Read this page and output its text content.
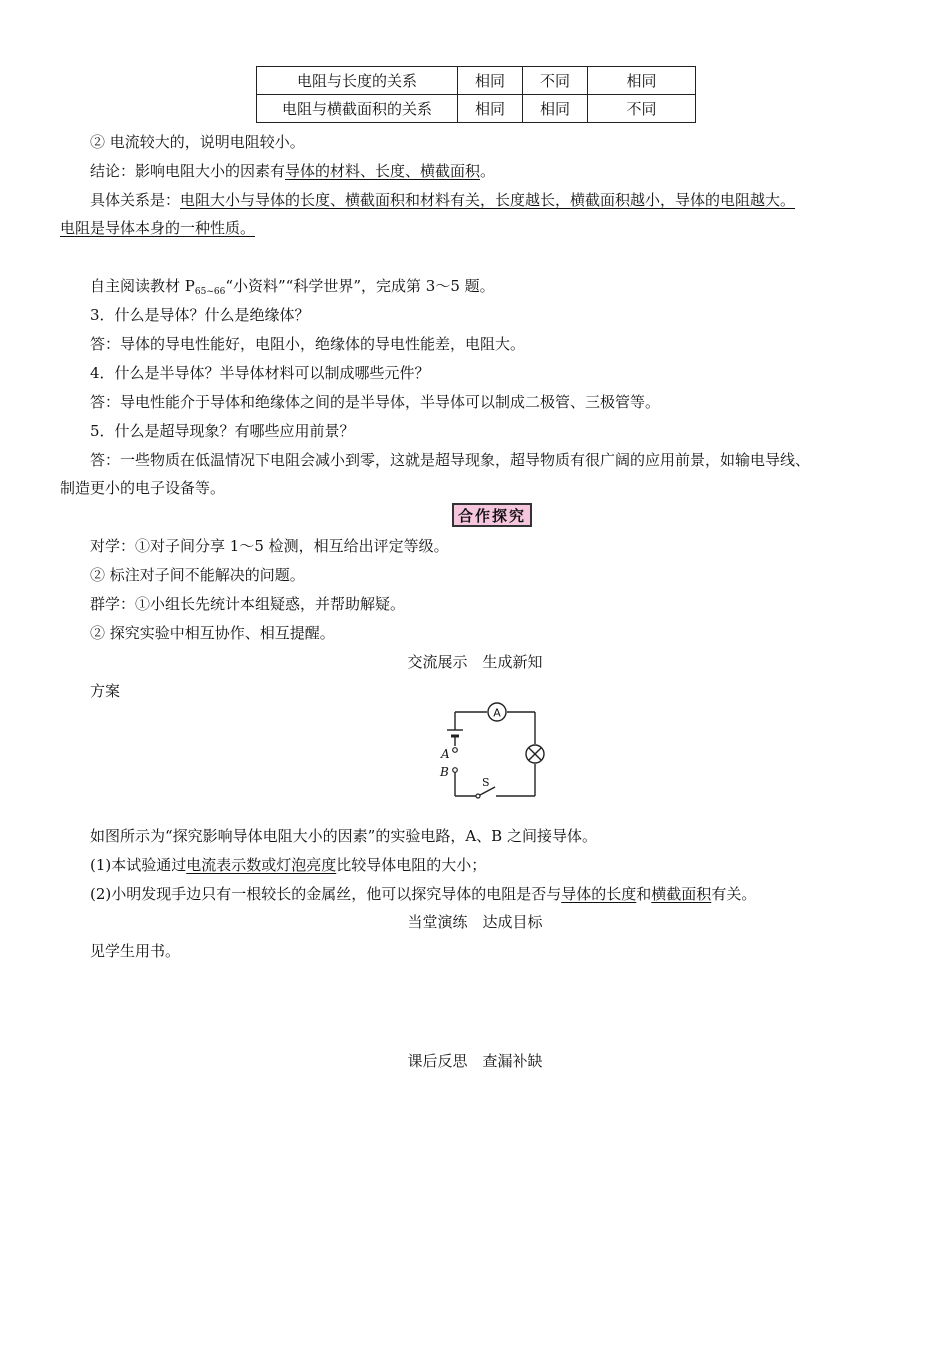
电阻与长度的关系	相同	不同	相同
电阻与横截面积的关系	相同	相同	不同
② 电流较大的，说明电阻较小。
结论：影响电阻大小的因素有导体的材料、长度、横截面积。
具体关系是：电阻大小与导体的长度、横截面积和材料有关，长度越长，横截面积越小，导体的电阻越大。
电阻是导体本身的一种性质。
自主阅读教材 $P_{65\sim 66}“$小资料”“科学世界”，完成第 3～5 题。
3．什么是导体？什么是绝缘体？
答：导体的导电性能好，电阻小，绝缘体的导电性能差，电阻大。
4．什么是半导体？半导体材料可以制成哪些元件？
答：导电性能介于导体和绝缘体之间的是半导体，半导体可以制成二极管、三极管等。
5．什么是超导现象？有哪些应用前景？
答：一些物质在低温情况下电阻会减小到零，这就是超导现象，超导物质有很广阔的应用前景，如输电导线、
制造更小的电子设备等。
合作探究
对学：①对子间分享 1～5 检测，相互给出评定等级。
② 标注对子间不能解决的问题。
群学：①小组长先统计本组疑惑，并帮助解疑。
② 探究实验中相互协作、相互提醒。
交流展示　生成新知
方案
A
A
B
S
如图所示为“探究影响导体电阻大小的因素”的实验电路，A、B 之间接导体。
(1)本试验通过电流表示数或灯泡亮度比较导体电阻的大小；
(2)小明发现手边只有一根较长的金属丝，他可以探究导体的电阻是否与导体的长度和横截面积有关。
当堂演练　达成目标
见学生用书。
课后反思　查漏补缺
